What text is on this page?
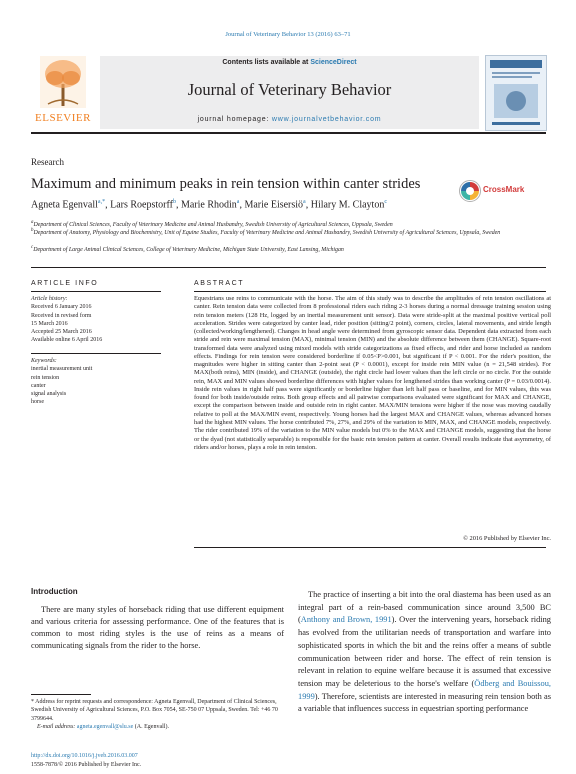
Journal of Veterinary Behavior 13 (2016) 63–71
ELSEVIER
Contents lists available at ScienceDirect
Journal of Veterinary Behavior
journal homepage: www.journalvetbehavior.com
Research
Maximum and minimum peaks in rein tension within canter strides	CrossMark
Agneta Egenvall$^{a,*}$, Lars Roepstorff$^b$, Marie Rhodin$^a$, Marie Eisersiö$^a$, Hilary M. Clayton$^c$
$^a$Department of Clinical Sciences, Faculty of Veterinary Medicine and Animal Husbandry, Swedish University of Agricultural Sciences, Uppsala, Sweden
$^b$Department of Anatomy, Physiology and Biochemistry, Unit of Equine Studies, Faculty of Veterinary Medicine and Animal Husbandry, Swedish University of Agricultural Sciences, Uppsala, Sweden
$^c$Department of Large Animal Clinical Sciences, College of Veterinary Medicine, Michigan State University, East Lansing, Michigan
ARTICLE INFO
Article history:
Received 6 January 2016
Received in revised form
15 March 2016
Accepted 25 March 2016
Available online 6 April 2016
Keywords:
inertial measurement unit
rein tension
canter
signal analysis
horse
ABSTRACT
Equestrians use reins to communicate with the horse. The aim of this study was to describe the amplitudes of rein tension oscillations at canter. Rein tension data were collected from 8 professional riders each riding 2-3 horses during a normal dressage training session using rein tension meters (128 Hz, logged by an inertial measurement unit sensor). Data were stride-split at the maximal positive vertical poll acceleration. Strides were categorized by canter lead, rider position (sitting/2 point), corners, circles, lateral movements, and stride length (collected/working/lengthened). Changes in head angle were determined from gyroscopic sensor data. Dependent data extracted from each stride and rein were maximal tension (MAX), minimal tension (MIN) and the absolute difference between them (CHANGE). Square-root transformed data were analyzed using mixed models with stride categorizations as fixed effects, and rider and horse included as random effects. Findings for rein tension were considered borderline if 0.05<P>0.001, but significant if P < 0.001. For the rider's position, the magnitudes were higher in sitting canter than 2-point seat (P < 0.0001), except for inside rein MIN value (n = 21,548 strides). For MAX(both reins), MIN (inside), and CHANGE (outside), the right circle had lower values than the left circle or no circle. For the outside rein, MAX and MIN values showed borderline differences with higher values for lengthened strides than working canter (P = 0.03/0.0014). Inside rein values in right half pass were significantly or borderline higher than left half pass or baseline, and for MIN values, this was found for both inside/outside reins. Both group effects and all pairwise comparisons evaluated were significant for MAX and CHANGE, except the comparison between inside and outside rein in right canter. MAX/MIN tensions were higher if the nose was moving caudally relative to poll at the MAX/MIN event, respectively. Young horses had the largest MAX and CHANGE values, whereas advanced horses had the highest MIN values. The horse contributed 7%, 27%, and 29% of the variation to MIN, MAX, and CHANGE models, respectively. The rider contributed 19% of the variation to the MIN value models but 0% to the MAX and CHANGE models, suggesting that the horse or the dyad (not statistically separable) is responsible for the basic rein tension pattern at canter. Overall results indicate that asymmetry, of riders and/or horses, plays a role in rein tension.
© 2016 Published by Elsevier Inc.
Introduction
There are many styles of horseback riding that use different equipment and various criteria for assessing performance. One of the features that is common to most riding styles is the use of reins as a means of communicating signals from the rider to the horse.
The practice of inserting a bit into the oral diastema has been used as an integral part of a rein-based communication since around 3,500 BC (Anthony and Brown, 1991). Over the intervening years, horseback riding has evolved from the utilitarian needs of transportation and warfare into sophisticated sports in which the bit and the reins offer a means of subtle communication between rider and horse. The effect of rein tension is relevant in relation to equine welfare because it is assumed that excessive tension may be deleterious to the horse's welfare (Ödberg and Bouissou, 1999). Therefore, scientists are interested in measuring rein tension both as a variable that influences success in equestrian sporting performance
* Address for reprint requests and correspondence: Agneta Egenvall, Department of Clinical Sciences, Swedish University of Agricultural Sciences, P.O. Box 7054, SE-750 07 Uppsala, Sweden. Tel: +46 70 3799644.
E-mail address: agneta.egenvall@slu.se (A. Egenvall).
http://dx.doi.org/10.1016/j.jveb.2016.03.007
1558-7878/© 2016 Published by Elsevier Inc.
